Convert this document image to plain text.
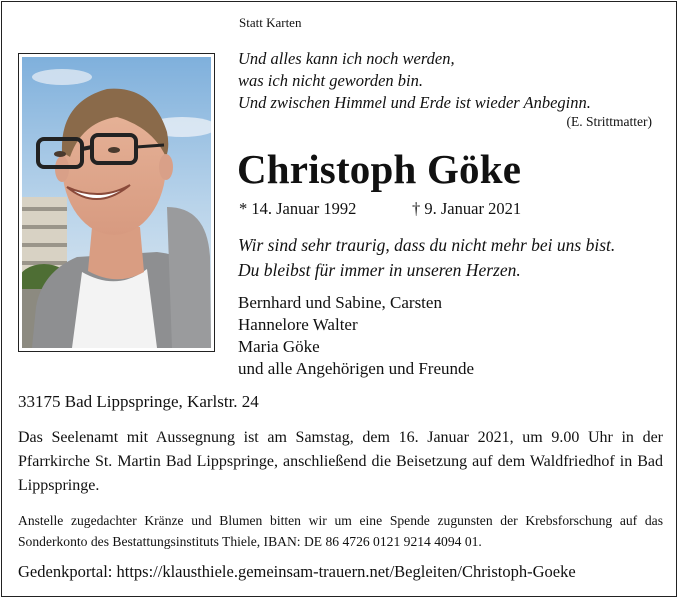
Statt Karten
Und alles kann ich noch werden,
was ich nicht geworden bin.
Und zwischen Himmel und Erde ist wieder Anbeginn.
(E. Strittmatter)
Christoph Göke
* 14. Januar 1992	† 9. Januar 2021
Wir sind sehr traurig, dass du nicht mehr bei uns bist.
Du bleibst für immer in unseren Herzen.
Bernhard und Sabine, Carsten
Hannelore Walter
Maria Göke
und alle Angehörigen und Freunde
33175 Bad Lippspringe, Karlstr. 24
Das Seelenamt mit Aussegnung ist am Samstag, dem 16. Januar 2021, um 9.00 Uhr in der Pfarrkirche St. Martin Bad Lippspringe, anschließend die Beisetzung auf dem Waldfriedhof in Bad Lippspringe.
Anstelle zugedachter Kränze und Blumen bitten wir um eine Spende zugunsten der Krebsforschung auf das Sonderkonto des Bestattungsinstituts Thiele, IBAN: DE 86 4726 0121 9214 4094 01.
Gedenkportal: https://klausthiele.gemeinsam-trauern.net/Begleiten/Christoph-Goeke
